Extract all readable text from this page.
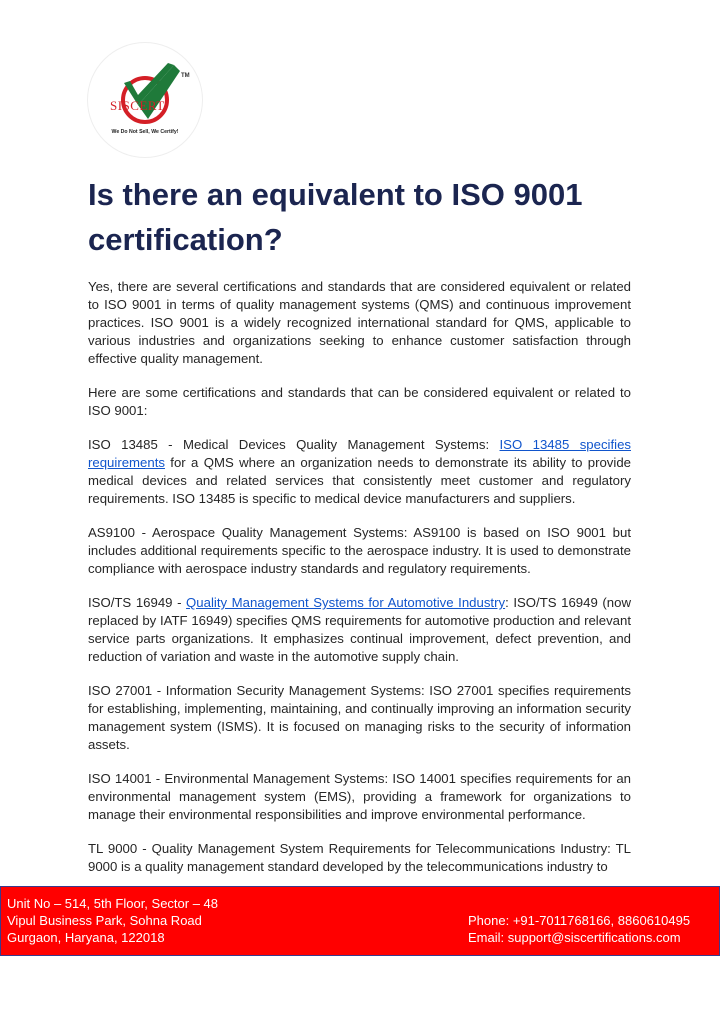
TM
SISCERT.
We Do Not Sell, We Certify!
Is there an equivalent to ISO 9001 certification?

Yes, there are several certifications and standards that are considered equivalent or related to ISO 9001 in terms of quality management systems (QMS) and continuous improvement practices. ISO 9001 is a widely recognized international standard for QMS, applicable to various industries and organizations seeking to enhance customer satisfaction through effective quality management.

Here are some certifications and standards that can be considered equivalent or related to ISO 9001:

ISO 13485 - Medical Devices Quality Management Systems: ISO 13485 specifies requirements for a QMS where an organization needs to demonstrate its ability to provide medical devices and related services that consistently meet customer and regulatory requirements. ISO 13485 is specific to medical device manufacturers and suppliers.

AS9100 - Aerospace Quality Management Systems: AS9100 is based on ISO 9001 but includes additional requirements specific to the aerospace industry. It is used to demonstrate compliance with aerospace industry standards and regulatory requirements.

ISO/TS 16949 - Quality Management Systems for Automotive Industry: ISO/TS 16949 (now replaced by IATF 16949) specifies QMS requirements for automotive production and relevant service parts organizations. It emphasizes continual improvement, defect prevention, and reduction of variation and waste in the automotive supply chain.

ISO 27001 - Information Security Management Systems: ISO 27001 specifies requirements for establishing, implementing, maintaining, and continually improving an information security management system (ISMS). It is focused on managing risks to the security of information assets.

ISO 14001 - Environmental Management Systems: ISO 14001 specifies requirements for an environmental management system (EMS), providing a framework for organizations to manage their environmental responsibilities and improve environmental performance.

TL 9000 - Quality Management System Requirements for Telecommunications Industry: TL 9000 is a quality management standard developed by the telecommunications industry to

Unit No – 514, 5th Floor, Sector – 48
Vipul Business Park, Sohna Road
Gurgaon, Haryana, 122018
Phone: +91-7011768166, 8860610495
Email: support@siscertifications.com
